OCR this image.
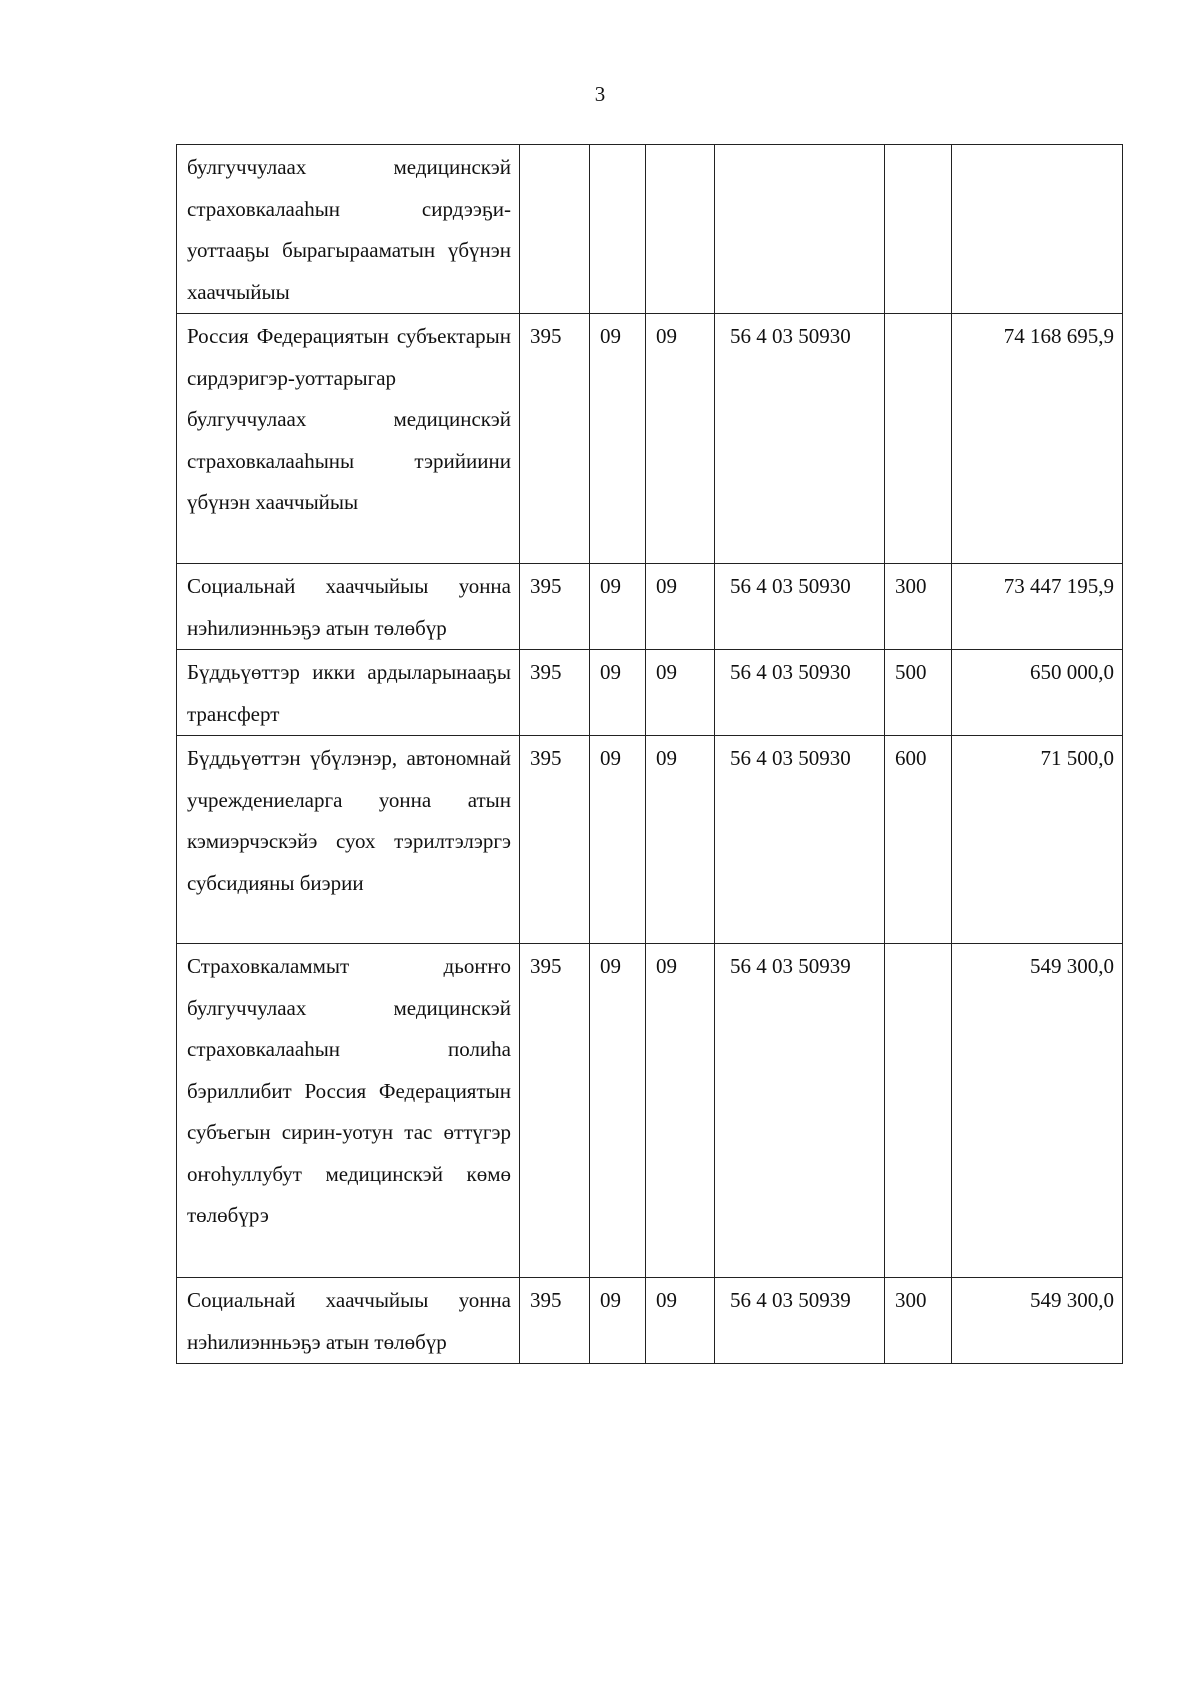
3
булгуччулаах медицинскэй страховкалааһын сирдээҕи-уоттааҕы бырагырааматын үбүнэн хааччыйыы						
Россия Федерациятын субъектарын сирдэригэр-уоттарыгар булгуччулаах медицинскэй страховкалааһыны тэрийиини үбүнэн хааччыйыы	395	09	09	56 4 03 50930		74 168 695,9
Социальнай хааччыйыы уонна нэһилиэнньэҕэ атын төлөбүр	395	09	09	56 4 03 50930	300	73 447 195,9
Бүддьүөттэр икки ардыларынааҕы трансферт	395	09	09	56 4 03 50930	500	650 000,0
Бүддьүөттэн үбүлэнэр, автономнай учреждениеларга уонна атын кэмиэрчэскэйэ суох тэрилтэлэргэ субсидияны биэрии	395	09	09	56 4 03 50930	600	71 500,0
Страховкаламмыт дьоҥҥо булгуччулаах медицинскэй страховкалааһын полиһа бэриллибит Россия Федерациятын субъегын сирин-уотун тас өттүгэр оҥоһуллубут медицинскэй көмө төлөбүрэ	395	09	09	56 4 03 50939		549 300,0
Социальнай хааччыйыы уонна нэһилиэнньэҕэ атын төлөбүр	395	09	09	56 4 03 50939	300	549 300,0
